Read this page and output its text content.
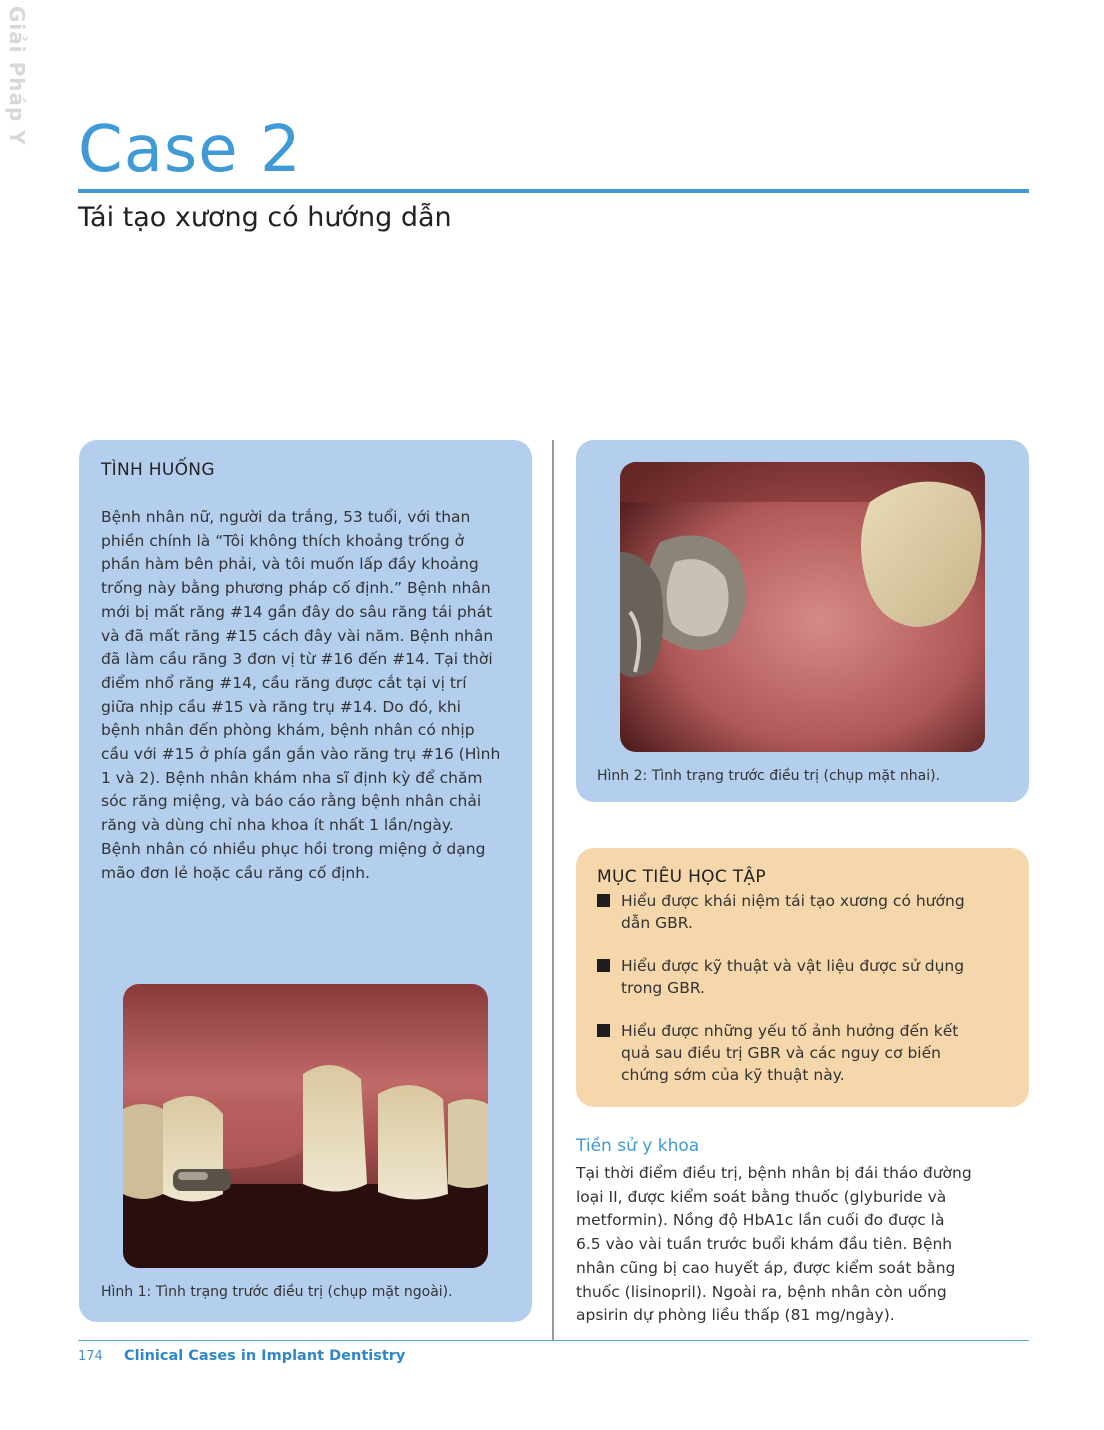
Giải Pháp Y Case 2
Tái tạo xương có hướng dẫn
TÌNH HUỐNG
Bệnh nhân nữ, người da trắng, 53 tuổi, với than
phiền chính là “Tôi không thích khoảng trống ở
phần hàm bên phải, và tôi muốn lấp đầy khoảng
trống này bằng phương pháp cố định.” Bệnh nhân
mới bị mất răng #14 gần đây do sâu răng tái phát
và đã mất răng #15 cách đây vài năm. Bệnh nhân
đã làm cầu răng 3 đơn vị từ #16 đến #14. Tại thời
điểm nhổ răng #14, cầu răng được cắt tại vị trí
giữa nhịp cầu #15 và răng trụ #14. Do đó, khi
bệnh nhân đến phòng khám, bệnh nhân có nhịp
cầu với #15 ở phía gần gắn vào răng trụ #16 (Hình
1 và 2). Bệnh nhân khám nha sĩ định kỳ để chăm
sóc răng miệng, và báo cáo rằng bệnh nhân chải
răng và dùng chỉ nha khoa ít nhất 1 lần/ngày.
Bệnh nhân có nhiều phục hồi trong miệng ở dạng
mão đơn lẻ hoặc cầu răng cố định.
Hình 1: Tình trạng trước điều trị (chụp mặt ngoài).
Hình 2: Tình trạng trước điều trị (chụp mặt nhai).
MỤC TIÊU HỌC TẬP
Hiểu được khái niệm tái tạo xương có hướng
dẫn GBR.
Hiểu được kỹ thuật và vật liệu được sử dụng
trong GBR.
Hiểu được những yếu tố ảnh hưởng đến kết
quả sau điều trị GBR và các nguy cơ biến
chứng sớm của kỹ thuật này.
Tiền sử y khoa
Tại thời điểm điều trị, bệnh nhân bị đái tháo đường
loại II, được kiểm soát bằng thuốc (glyburide và
metformin). Nồng độ HbA1c lần cuối đo được là
6.5 vào vài tuần trước buổi khám đầu tiên. Bệnh
nhân cũng bị cao huyết áp, được kiểm soát bằng
thuốc (lisinopril). Ngoài ra, bệnh nhân còn uống
apsirin dự phòng liều thấp (81 mg/ngày).
174 Clinical Cases in Implant Dentistry
